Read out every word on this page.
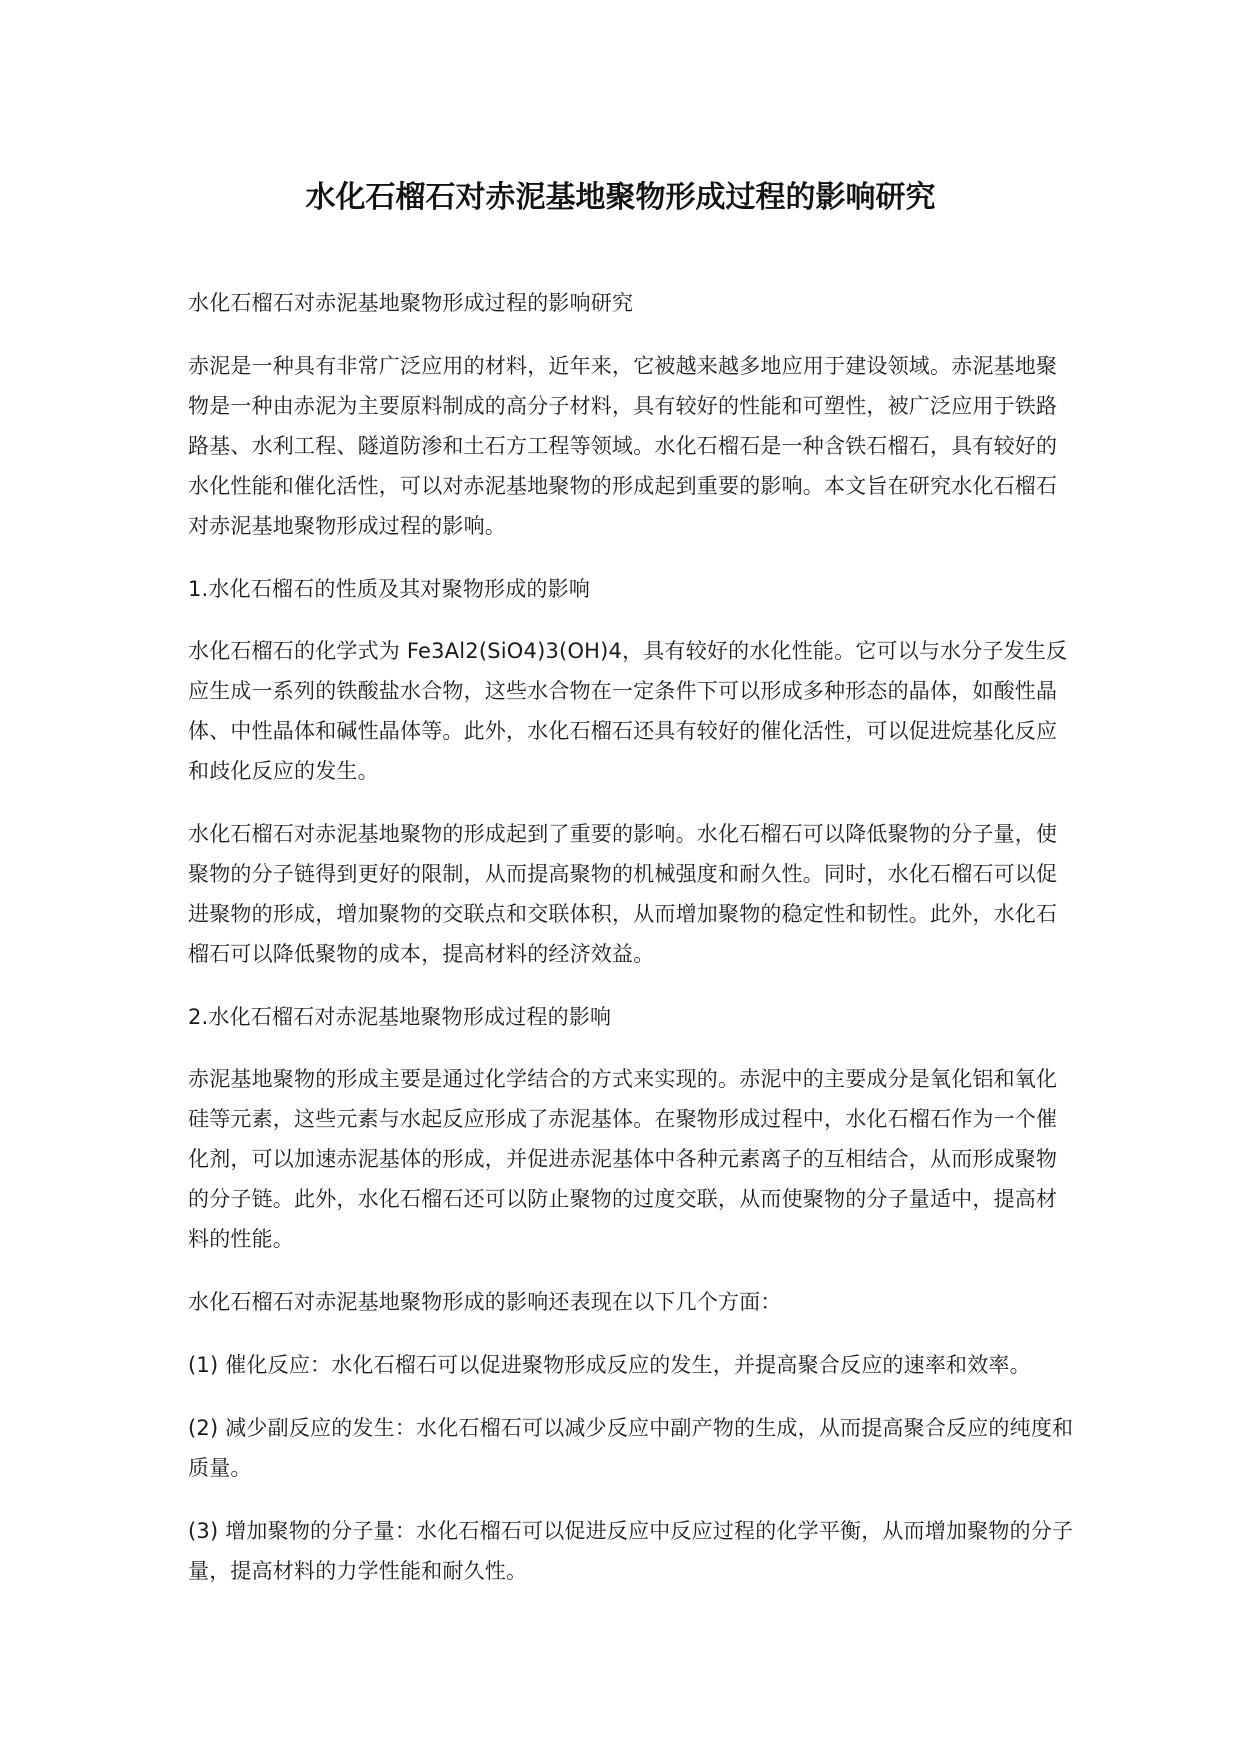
水化石榴石对赤泥基地聚物形成过程的影响研究

水化石榴石对赤泥基地聚物形成过程的影响研究

赤泥是一种具有非常广泛应用的材料，近年来，它被越来越多地应用于建设领域。赤泥基地聚物是一种由赤泥为主要原料制成的高分子材料，具有较好的性能和可塑性，被广泛应用于铁路路基、水利工程、隧道防渗和土石方工程等领域。水化石榴石是一种含铁石榴石，具有较好的水化性能和催化活性，可以对赤泥基地聚物的形成起到重要的影响。本文旨在研究水化石榴石对赤泥基地聚物形成过程的影响。

1.水化石榴石的性质及其对聚物形成的影响

水化石榴石的化学式为 Fe3Al2(SiO4)3(OH)4，具有较好的水化性能。它可以与水分子发生反应生成一系列的铁酸盐水合物，这些水合物在一定条件下可以形成多种形态的晶体，如酸性晶体、中性晶体和碱性晶体等。此外，水化石榴石还具有较好的催化活性，可以促进烷基化反应和歧化反应的发生。

水化石榴石对赤泥基地聚物的形成起到了重要的影响。水化石榴石可以降低聚物的分子量，使聚物的分子链得到更好的限制，从而提高聚物的机械强度和耐久性。同时，水化石榴石可以促进聚物的形成，增加聚物的交联点和交联体积，从而增加聚物的稳定性和韧性。此外，水化石榴石可以降低聚物的成本，提高材料的经济效益。

2.水化石榴石对赤泥基地聚物形成过程的影响

赤泥基地聚物的形成主要是通过化学结合的方式来实现的。赤泥中的主要成分是氧化铝和氧化硅等元素，这些元素与水起反应形成了赤泥基体。在聚物形成过程中，水化石榴石作为一个催化剂，可以加速赤泥基体的形成，并促进赤泥基体中各种元素离子的互相结合，从而形成聚物的分子链。此外，水化石榴石还可以防止聚物的过度交联，从而使聚物的分子量适中，提高材料的性能。

水化石榴石对赤泥基地聚物形成的影响还表现在以下几个方面：

(1) 催化反应：水化石榴石可以促进聚物形成反应的发生，并提高聚合反应的速率和效率。

(2) 减少副反应的发生：水化石榴石可以减少反应中副产物的生成，从而提高聚合反应的纯度和质量。

(3) 增加聚物的分子量：水化石榴石可以促进反应中反应过程的化学平衡，从而增加聚物的分子量，提高材料的力学性能和耐久性。
